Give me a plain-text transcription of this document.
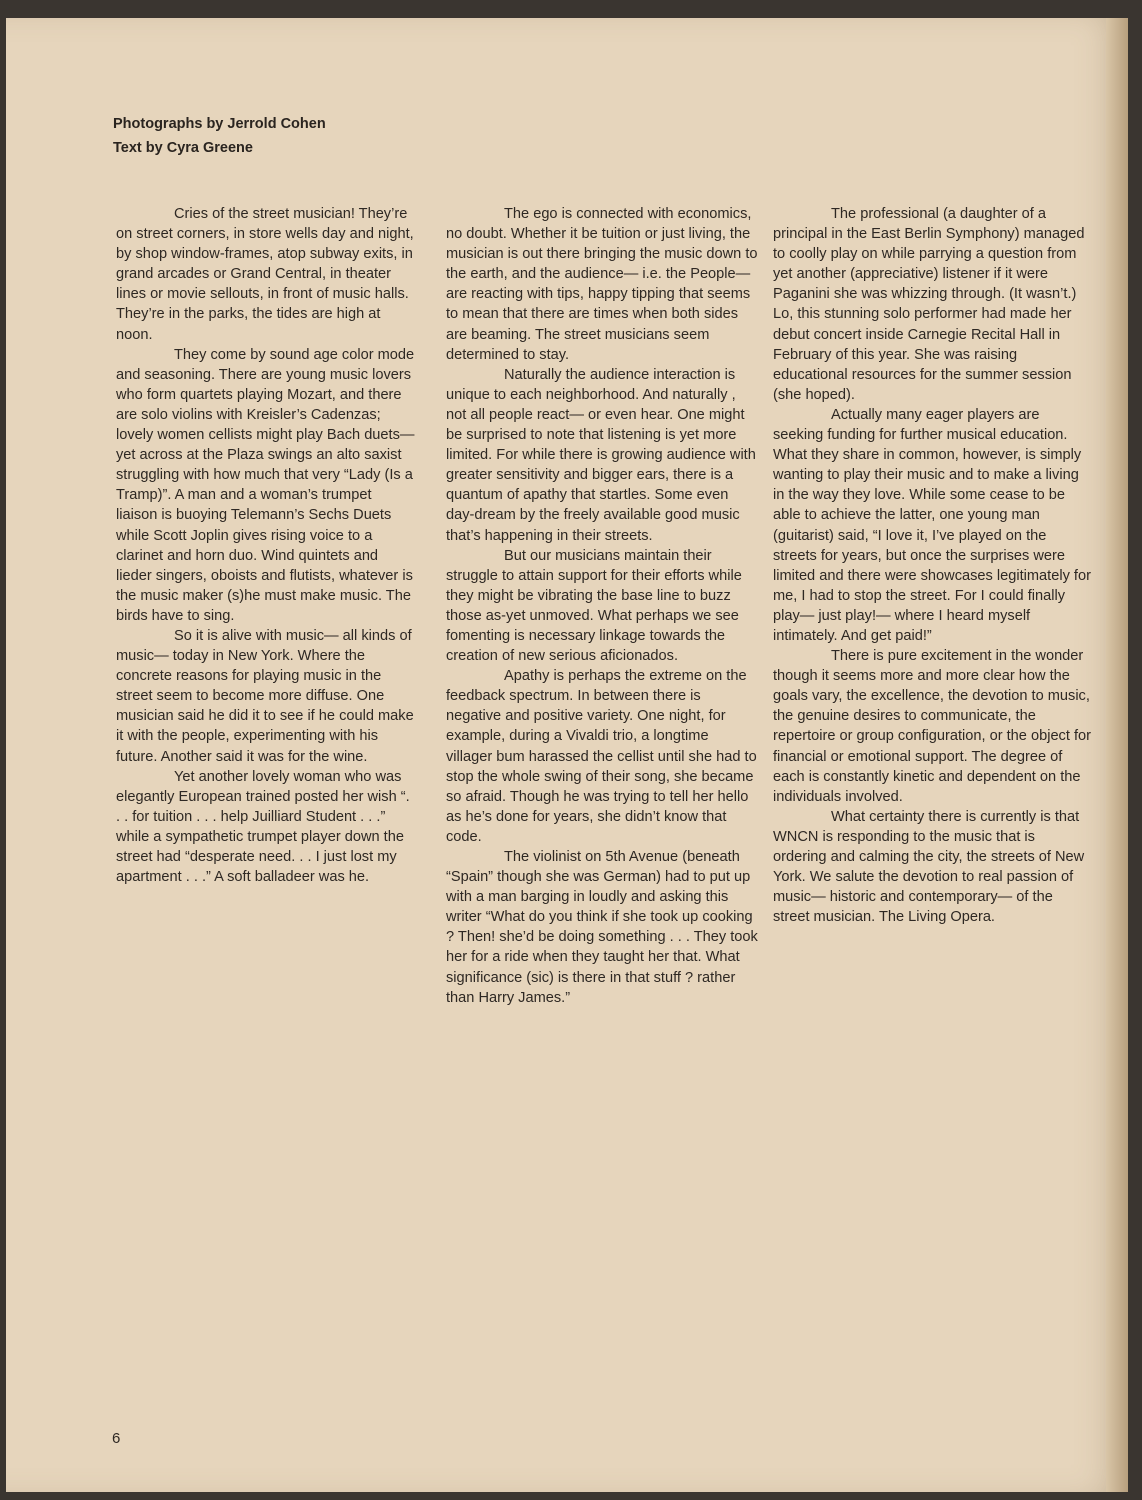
Photographs by Jerrold Cohen
Text by Cyra Greene

Cries of the street musician! They’re on street corners, in store wells day and night, by shop window-frames, atop subway exits, in grand arcades or Grand Central, in theater lines or movie sellouts, in front of music halls. They’re in the parks, the tides are high at noon.

They come by sound age color mode and seasoning. There are young music lovers who form quartets playing Mozart, and there are solo violins with Kreisler’s Cadenzas; lovely women cellists might play Bach duets— yet across at the Plaza swings an alto saxist struggling with how much that very “Lady (Is a Tramp)”. A man and a woman’s trumpet liaison is buoying Telemann’s Sechs Duets while Scott Joplin gives rising voice to a clarinet and horn duo. Wind quintets and lieder singers, oboists and flutists, whatever is the music maker (s)he must make music. The birds have to sing.

So it is alive with music— all kinds of music— today in New York. Where the concrete reasons for playing music in the street seem to become more diffuse. One musician said he did it to see if he could make it with the people, experimenting with his future. Another said it was for the wine.

Yet another lovely woman who was elegantly European trained posted her wish “. . . for tuition . . . help Juilliard Student . . .” while a sympathetic trumpet player down the street had “desperate need. . . I just lost my apartment . . .” A soft balladeer was he.

The ego is connected with economics, no doubt. Whether it be tuition or just living, the musician is out there bringing the music down to the earth, and the audience— i.e. the People— are reacting with tips, happy tipping that seems to mean that there are times when both sides are beaming. The street musicians seem determined to stay.

Naturally the audience interaction is unique to each neighborhood. And naturally , not all people react— or even hear. One might be surprised to note that listening is yet more limited. For while there is growing audience with greater sensitivity and bigger ears, there is a quantum of apathy that startles. Some even day-dream by the freely available good music that’s happening in their streets.

But our musicians maintain their struggle to attain support for their efforts while they might be vibrating the base line to buzz those as-yet unmoved. What perhaps we see fomenting is necessary linkage towards the creation of new serious aficionados.

Apathy is perhaps the extreme on the feedback spectrum. In between there is negative and positive variety. One night, for example, during a Vivaldi trio, a longtime villager bum harassed the cellist until she had to stop the whole swing of their song, she became so afraid. Though he was trying to tell her hello as he’s done for years, she didn’t know that code.

The violinist on 5th Avenue (beneath “Spain” though she was German) had to put up with a man barging in loudly and asking this writer “What do you think if she took up cooking ? Then! she’d be doing something . . . They took her for a ride when they taught her that. What significance (sic) is there in that stuff ? rather than Harry James.”

The professional (a daughter of a principal in the East Berlin Symphony) managed to coolly play on while parrying a question from yet another (appreciative) listener if it were Paganini she was whizzing through. (It wasn’t.) Lo, this stunning solo performer had made her debut concert inside Carnegie Recital Hall in February of this year. She was raising educational resources for the summer session (she hoped).

Actually many eager players are seeking funding for further musical education. What they share in common, however, is simply wanting to play their music and to make a living in the way they love. While some cease to be able to achieve the latter, one young man (guitarist) said, “I love it, I’ve played on the streets for years, but once the surprises were limited and there were showcases legitimately for me, I had to stop the street. For I could finally play— just play!— where I heard myself intimately. And get paid!”

There is pure excitement in the wonder though it seems more and more clear how the goals vary, the excellence, the devotion to music, the genuine desires to communicate, the repertoire or group configuration, or the object for financial or emotional support. The degree of each is constantly kinetic and dependent on the individuals involved.

What certainty there is currently is that WNCN is responding to the music that is ordering and calming the city, the streets of New York. We salute the devotion to real passion of music— historic and contemporary— of the street musician. The Living Opera.

6
